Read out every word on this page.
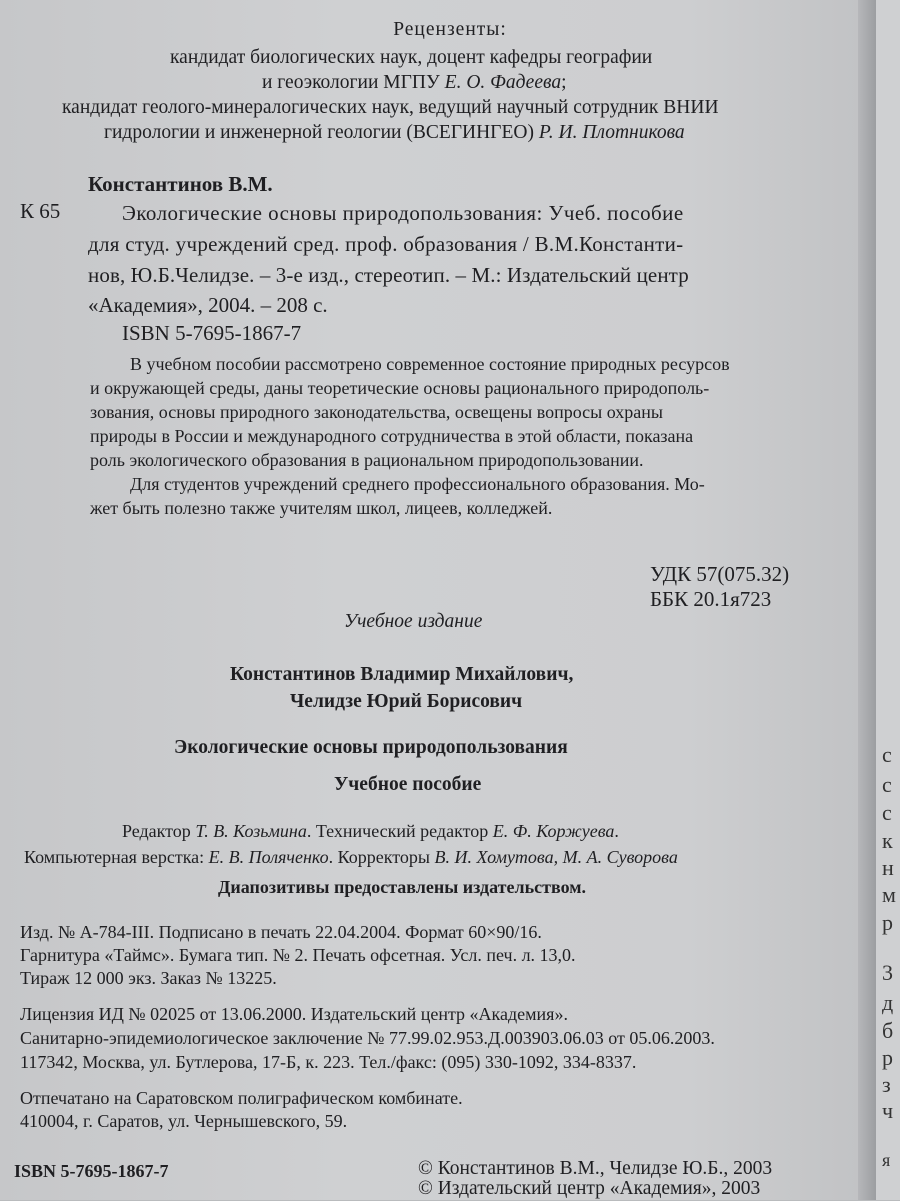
Рецензенты:
кандидат биологических наук, доцент кафедры географии
и геоэкологии МГПУ Е. О. Фадеева;
кандидат геолого-минералогических наук, ведущий научный сотрудник ВНИИ
гидрологии и инженерной геологии (ВСЕГИНГЕО) Р. И. Плотникова
Константинов В.М.
К 65	Экологические основы природопользования: Учеб. пособие
для студ. учреждений сред. проф. образования / В.М.Константи-
нов, Ю.Б.Челидзе. – 3-е изд., стереотип. – М.: Издательский центр
«Академия», 2004. – 208 с.
ISBN 5-7695-1867-7
В учебном пособии рассмотрено современное состояние природных ресурсов
и окружающей среды, даны теоретические основы рационального природополь-
зования, основы природного законодательства, освещены вопросы охраны
природы в России и международного сотрудничества в этой области, показана
роль экологического образования в рациональном природопользовании.
Для студентов учреждений среднего профессионального образования. Мо-
жет быть полезно также учителям школ, лицеев, колледжей.
УДК 57(075.32)
ББК 20.1я723
Учебное издание
Константинов Владимир Михайлович,
Челидзе Юрий Борисович
Экологические основы природопользования
Учебное пособие
Редактор Т. В. Козьмина. Технический редактор Е. Ф. Коржуева.
Компьютерная верстка: Е. В. Поляченко. Корректоры В. И. Хомутова, М. А. Суворова
Диапозитивы предоставлены издательством.
Изд. № А-784-III. Подписано в печать 22.04.2004. Формат 60×90/16.
Гарнитура «Таймс». Бумага тип. № 2. Печать офсетная. Усл. печ. л. 13,0.
Тираж 12 000 экз. Заказ № 13225.
Лицензия ИД № 02025 от 13.06.2000. Издательский центр «Академия».
Санитарно-эпидемиологическое заключение № 77.99.02.953.Д.003903.06.03 от 05.06.2003.
117342, Москва, ул. Бутлерова, 17-Б, к. 223. Тел./факс: (095) 330-1092, 334-8337.
Отпечатано на Саратовском полиграфическом комбинате.
410004, г. Саратов, ул. Чернышевского, 59.
ISBN 5-7695-1867-7	© Константинов В.М., Челидзе Ю.Б., 2003
© Издательский центр «Академия», 2003
с
с
с
к
н
м
р
3
д
б
р
з
ч
я
